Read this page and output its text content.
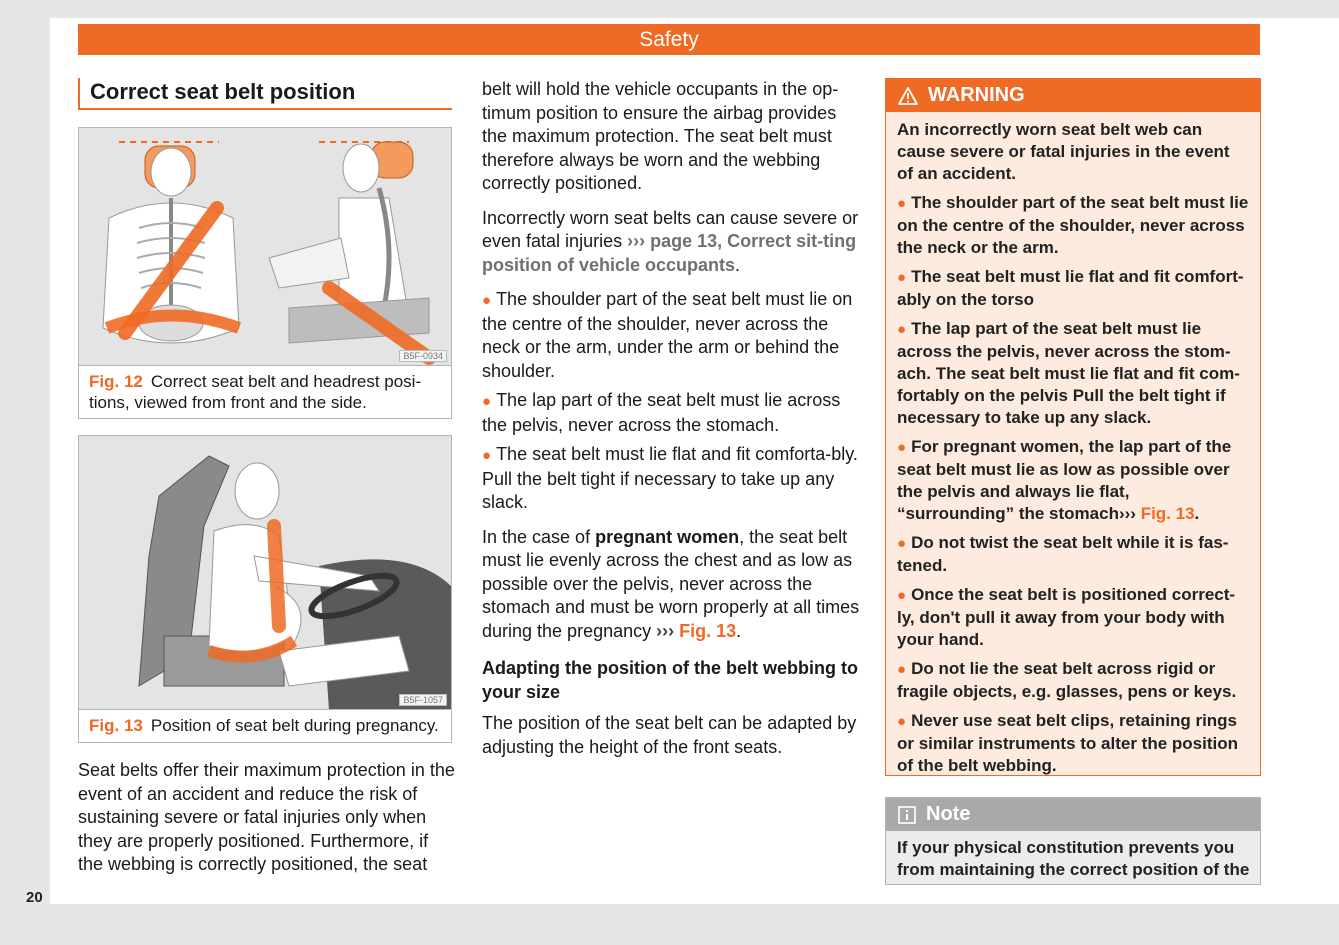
Safety
Correct seat belt position
B5F-0934
Fig. 12 Correct seat belt and headrest posi-tions, viewed from front and the side.
B5F-1057
Fig. 13 Position of seat belt during pregnancy.

Seat belts offer their maximum protection in the event of an accident and reduce the risk of sustaining severe or fatal injuries only when they are properly positioned. Furthermore, if the webbing is correctly positioned, the seat

belt will hold the vehicle occupants in the op-timum position to ensure the airbag provides the maximum protection. The seat belt must therefore always be worn and the webbing correctly positioned.

Incorrectly worn seat belts can cause severe or even fatal injuries ››› page 13, Correct sit-ting position of vehicle occupants.

● The shoulder part of the seat belt must lie on the centre of the shoulder, never across the neck or the arm, under the arm or behind the shoulder.

● The lap part of the seat belt must lie across the pelvis, never across the stomach.

● The seat belt must lie flat and fit comforta-bly. Pull the belt tight if necessary to take up any slack.

In the case of pregnant women, the seat belt must lie evenly across the chest and as low as possible over the pelvis, never across the stomach and must be worn properly at all times during the pregnancy ››› Fig. 13.

Adapting the position of the belt webbing to your size

The position of the seat belt can be adapted by adjusting the height of the front seats.

WARNING

An incorrectly worn seat belt web can cause severe or fatal injuries in the event of an accident.

● The shoulder part of the seat belt must lie on the centre of the shoulder, never across the neck or the arm.

● The seat belt must lie flat and fit comfort-ably on the torso

● The lap part of the seat belt must lie across the pelvis, never across the stom-ach. The seat belt must lie flat and fit com-fortably on the pelvis Pull the belt tight if necessary to take up any slack.

● For pregnant women, the lap part of the seat belt must lie as low as possible over the pelvis and always lie flat, “surrounding” the stomach››› Fig. 13.

● Do not twist the seat belt while it is fas-tened.

● Once the seat belt is positioned correct-ly, don't pull it away from your body with your hand.

● Do not lie the seat belt across rigid or fragile objects, e.g. glasses, pens or keys.

● Never use seat belt clips, retaining rings or similar instruments to alter the position of the belt webbing.

Note
If your physical constitution prevents you from maintaining the correct position of the
20
